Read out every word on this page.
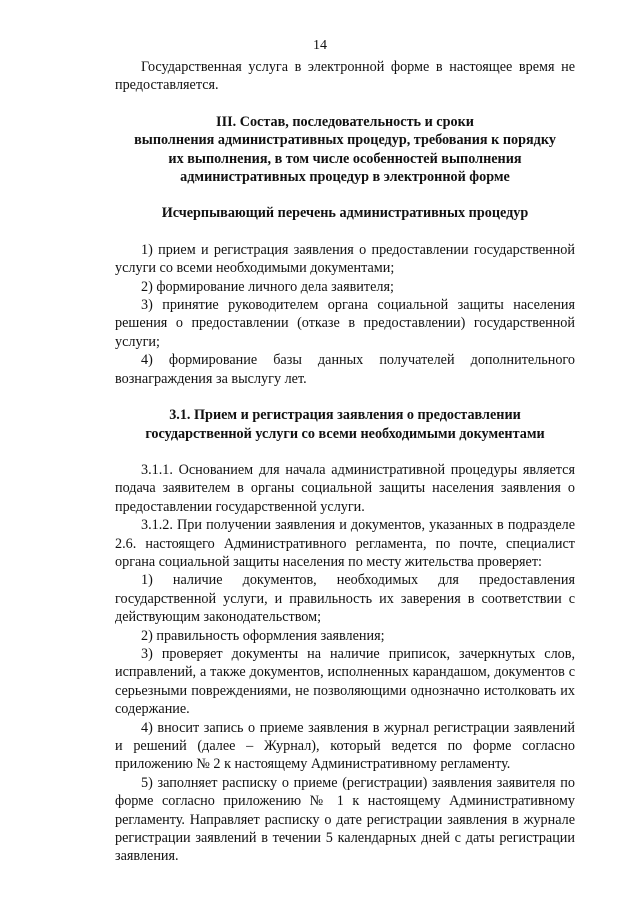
14

Государственная услуга в электронной форме в настоящее время не предоставляется.

III. Состав, последовательность и сроки
выполнения административных процедур, требования к порядку
их выполнения, в том числе особенностей выполнения
административных процедур в электронной форме
Исчерпывающий перечень административных процедур

1) прием и регистрация заявления о предоставлении государственной услуги со всеми необходимыми документами;

2) формирование личного дела заявителя;

3) принятие руководителем органа социальной защиты населения решения о предоставлении (отказе в предоставлении) государственной услуги;

4) формирование базы данных получателей дополнительного вознаграждения за выслугу лет.

3.1. Прием и регистрация заявления о предоставлении
государственной услуги со всеми необходимыми документами

3.1.1. Основанием для начала административной процедуры является подача заявителем в органы социальной защиты населения заявления о предоставлении государственной услуги.

3.1.2. При получении заявления и документов, указанных в подразделе 2.6. настоящего Административного регламента, по почте, специалист органа социальной защиты населения по месту жительства проверяет:

1) наличие документов, необходимых для предоставления государственной услуги, и правильность их заверения в соответствии с действующим законодательством;

2) правильность оформления заявления;

3) проверяет документы на наличие приписок, зачеркнутых слов, исправлений, а также документов, исполненных карандашом, документов с серьезными повреждениями, не позволяющими однозначно истолковать их содержание.

4) вносит запись о приеме заявления в журнал регистрации заявлений и решений (далее – Журнал), который ведется по форме согласно приложению № 2 к настоящему Административному регламенту.

5) заполняет расписку о приеме (регистрации) заявления заявителя по форме согласно приложению № 1 к настоящему Административному регламенту. Направляет расписку о дате регистрации заявления в журнале регистрации заявлений в течении 5 календарных дней с даты регистрации заявления.
